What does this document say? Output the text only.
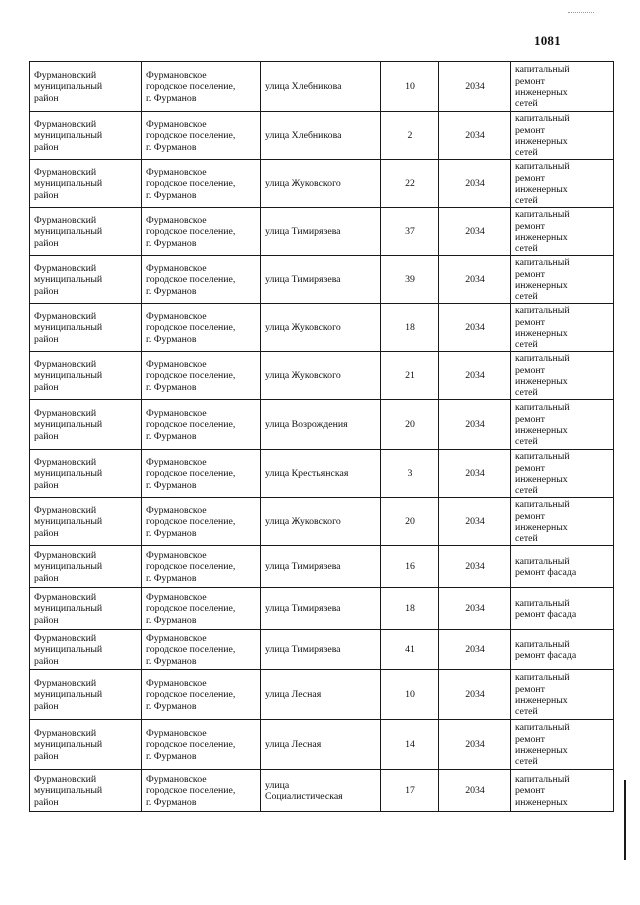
1081
Фурмановский
муниципальный
район	Фурмановское
городское поселение,
г. Фурманов	улица Хлебникова	10	2034	капитальный
ремонт
инженерных
сетей
Фурмановский
муниципальный
район	Фурмановское
городское поселение,
г. Фурманов	улица Хлебникова	2	2034	капитальный
ремонт
инженерных
сетей
Фурмановский
муниципальный
район	Фурмановское
городское поселение,
г. Фурманов	улица Жуковского	22	2034	капитальный
ремонт
инженерных
сетей
Фурмановский
муниципальный
район	Фурмановское
городское поселение,
г. Фурманов	улица Тимирязева	37	2034	капитальный
ремонт
инженерных
сетей
Фурмановский
муниципальный
район	Фурмановское
городское поселение,
г. Фурманов	улица Тимирязева	39	2034	капитальный
ремонт
инженерных
сетей
Фурмановский
муниципальный
район	Фурмановское
городское поселение,
г. Фурманов	улица Жуковского	18	2034	капитальный
ремонт
инженерных
сетей
Фурмановский
муниципальный
район	Фурмановское
городское поселение,
г. Фурманов	улица Жуковского	21	2034	капитальный
ремонт
инженерных
сетей
Фурмановский
муниципальный
район	Фурмановское
городское поселение,
г. Фурманов	улица Возрождения	20	2034	капитальный
ремонт
инженерных
сетей
Фурмановский
муниципальный
район	Фурмановское
городское поселение,
г. Фурманов	улица Крестьянская	3	2034	капитальный
ремонт
инженерных
сетей
Фурмановский
муниципальный
район	Фурмановское
городское поселение,
г. Фурманов	улица Жуковского	20	2034	капитальный
ремонт
инженерных
сетей
Фурмановский
муниципальный
район	Фурмановское
городское поселение,
г. Фурманов	улица Тимирязева	16	2034	капитальный
ремонт фасада
Фурмановский
муниципальный
район	Фурмановское
городское поселение,
г. Фурманов	улица Тимирязева	18	2034	капитальный
ремонт фасада
Фурмановский
муниципальный
район	Фурмановское
городское поселение,
г. Фурманов	улица Тимирязева	41	2034	капитальный
ремонт фасада
Фурмановский
муниципальный
район	Фурмановское
городское поселение,
г. Фурманов	улица Лесная	10	2034	капитальный
ремонт
инженерных
сетей
Фурмановский
муниципальный
район	Фурмановское
городское поселение,
г. Фурманов	улица Лесная	14	2034	капитальный
ремонт
инженерных
сетей
Фурмановский
муниципальный
район	Фурмановское
городское поселение,
г. Фурманов	улица
Социалистическая	17	2034	капитальный
ремонт
инженерных
